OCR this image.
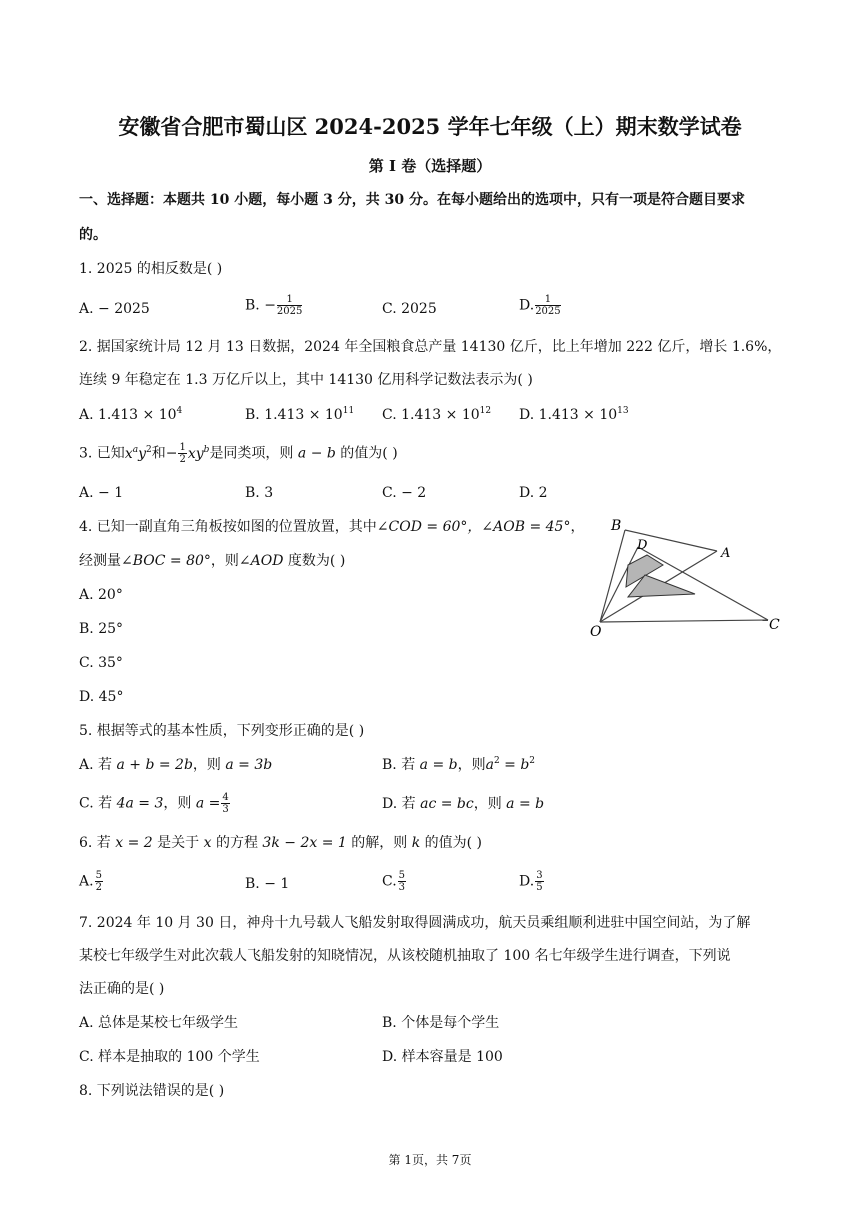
安徽省合肥市蜀山区 2024-2025 学年七年级（上）期末数学试卷
第 I 卷（选择题）
一、选择题：本题共 10 小题，每小题 3 分，共 30 分。在每小题给出的选项中，只有一项是符合题目要求
的。
1. 2025 的相反数是( )
A. − 2025	B. − $\frac{1}{2025}$	C. 2025	D. $\frac{1}{2025}$
2. 据国家统计局 12 月 13 日数据，2024 年全国粮食总产量 14130 亿斤，比上年增加 222 亿斤，增长 1.6%，
连续 9 年稳定在 1.3 万亿斤以上，其中 14130 亿用科学记数法表示为( )
A. $1.413 \times 10^4$	B. $1.413 \times 10^{11}$ C. $1.413 \times 10^{12}$ D. $1.413 \times 10^{13}$
3. 已知$x^ay^2$和− $\frac{1}{2} xy^b$是同类项，则 a − b 的值为( )
A. − 1	B. 3	C. − 2	D. 2
4. 已知一副直角三角板按如图的位置放置，其中∠COD = 60°，∠AOB = 45°，
经测量∠BOC = 80°，则∠AOD 度数为( )
A. 20°
B. 25°
C. 35°
D. 45°
B
D
A
O	C
5. 根据等式的基本性质，下列变形正确的是( )
A. 若 a + b = 2b，则 a = 3b	B. 若 a = b，则$a^2 = b^2$
C. 若 4a = 3，则 $a = \frac{4}{3}$	D. 若 ac = bc，则 a = b
6. 若 x = 2 是关于 x 的方程 3k − 2x = 1 的解，则 k 的值为( )
A. $\frac{5}{2}$	B. − 1	C. $\frac{5}{3}$	D. $\frac{3}{5}$
7. 2024 年 10 月 30 日，神舟十九号载人飞船发射取得圆满成功，航天员乘组顺利进驻中国空间站，为了解
某校七年级学生对此次载人飞船发射的知晓情况，从该校随机抽取了 100 名七年级学生进行调查，下列说
法正确的是( )
A. 总体是某校七年级学生	B. 个体是每个学生
C. 样本是抽取的 100 个学生	D. 样本容量是 100
8. 下列说法错误的是( )
第 1页，共 7页
